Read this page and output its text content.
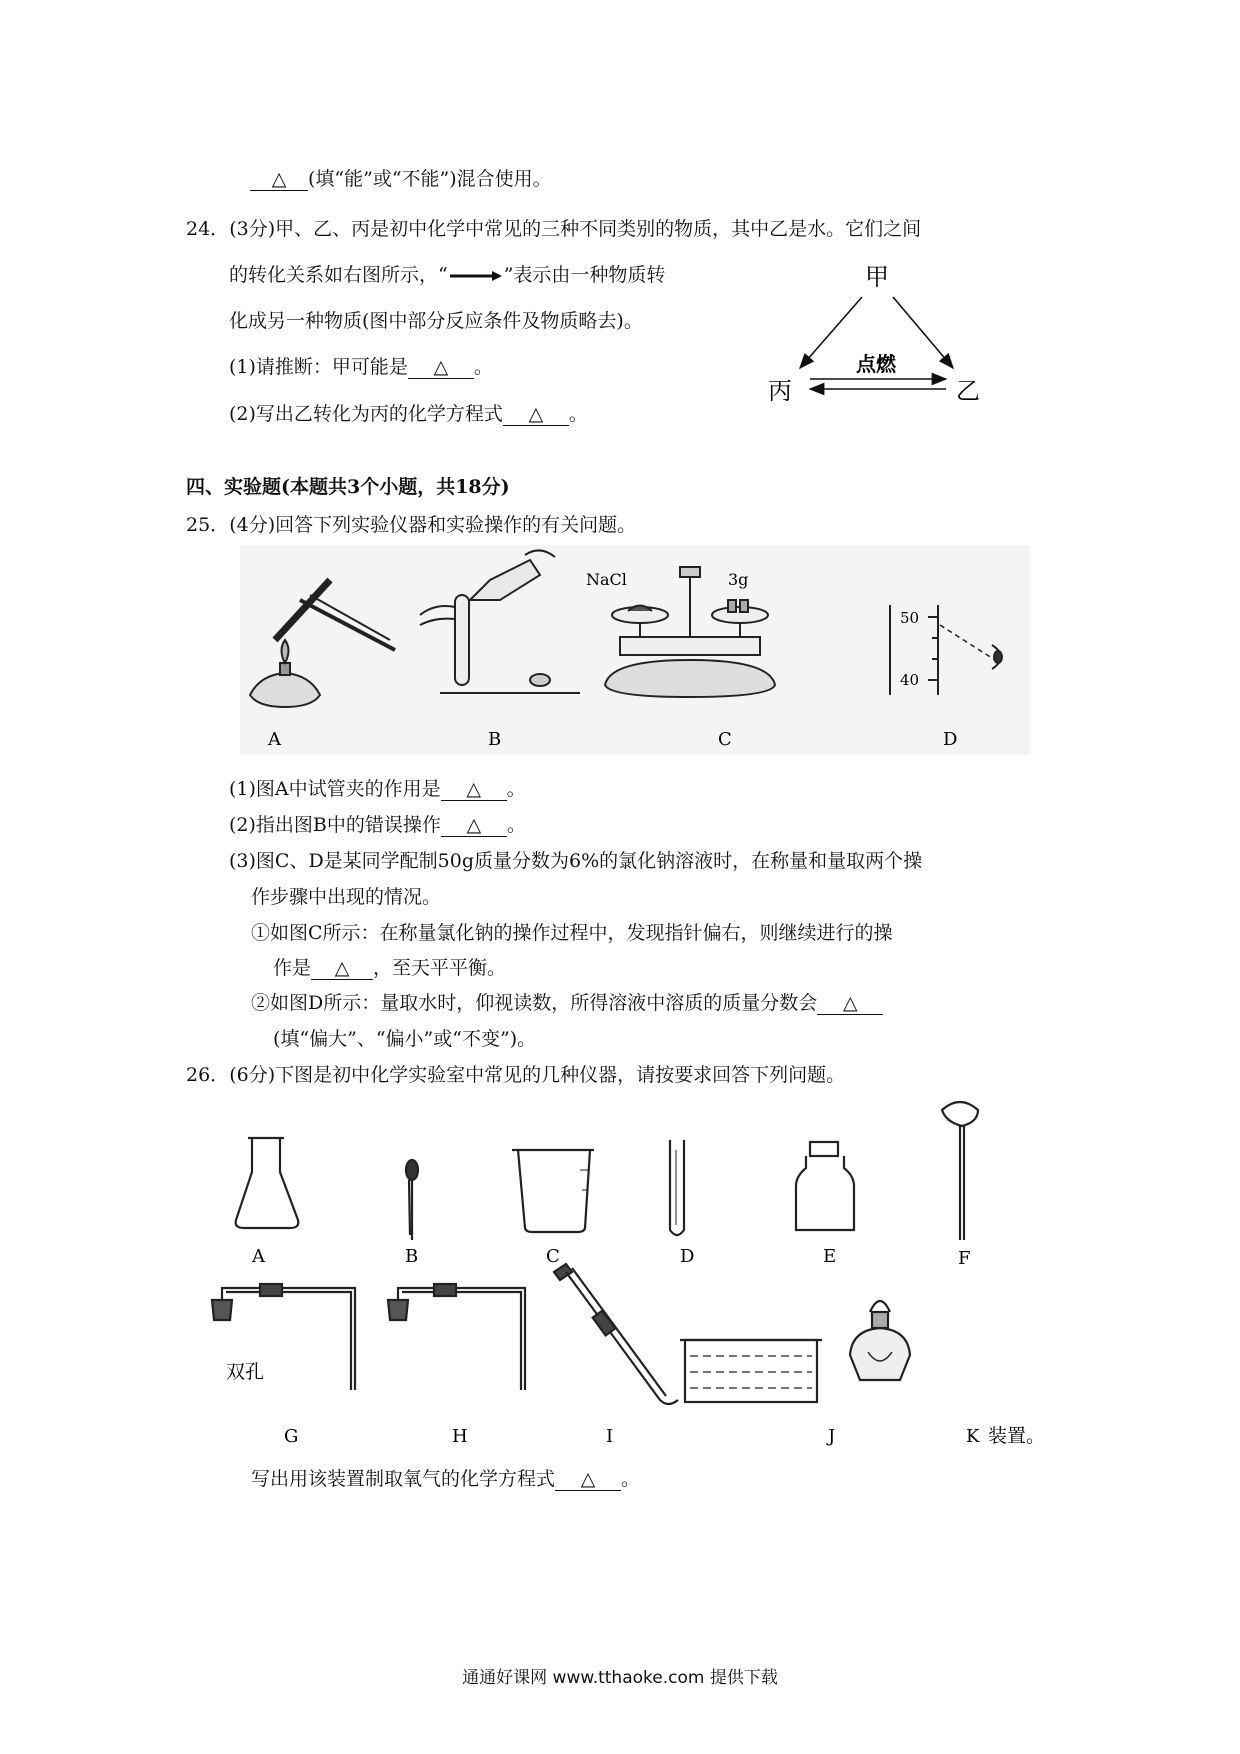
△ (填“能”或“不能”)混合使用。
24．(3分)甲、乙、丙是初中化学中常见的三种不同类别的物质，其中乙是水。它们之间
的转化关系如右图所示，“	”表示由一种物质转
化成另一种物质(图中部分反应条件及物质略去)。
(1)请推断：甲可能是 △ 。
(2)写出乙转化为丙的化学方程式 △ 。
甲
丙	乙
点燃
四、实验题(本题共3个小题，共18分)
25．(4分)回答下列实验仪器和实验操作的有关问题。
A	B
NaCl	3g
C
50
40
D
(1)图A中试管夹的作用是 △ 。
(2)指出图B中的错误操作 △ 。
(3)图C、D是某同学配制50g质量分数为6%的氯化钠溶液时，在称量和量取两个操
作步骤中出现的情况。
①如图C所示：在称量氯化钠的操作过程中，发现指针偏右，则继续进行的操
作是 △ ，至天平平衡。
②如图D所示：量取水时，仰视读数，所得溶液中溶质的质量分数会 △
(填“偏大”、“偏小”或“不变”)。
26．(6分)下图是初中化学实验室中常见的几种仪器，请按要求回答下列问题。
A	B	C	D	E	F
G	H	I	J	K
双孔
装置。
写出用该装置制取氧气的化学方程式 △ 。
通通好课网 www.tthaoke.com 提供下载
